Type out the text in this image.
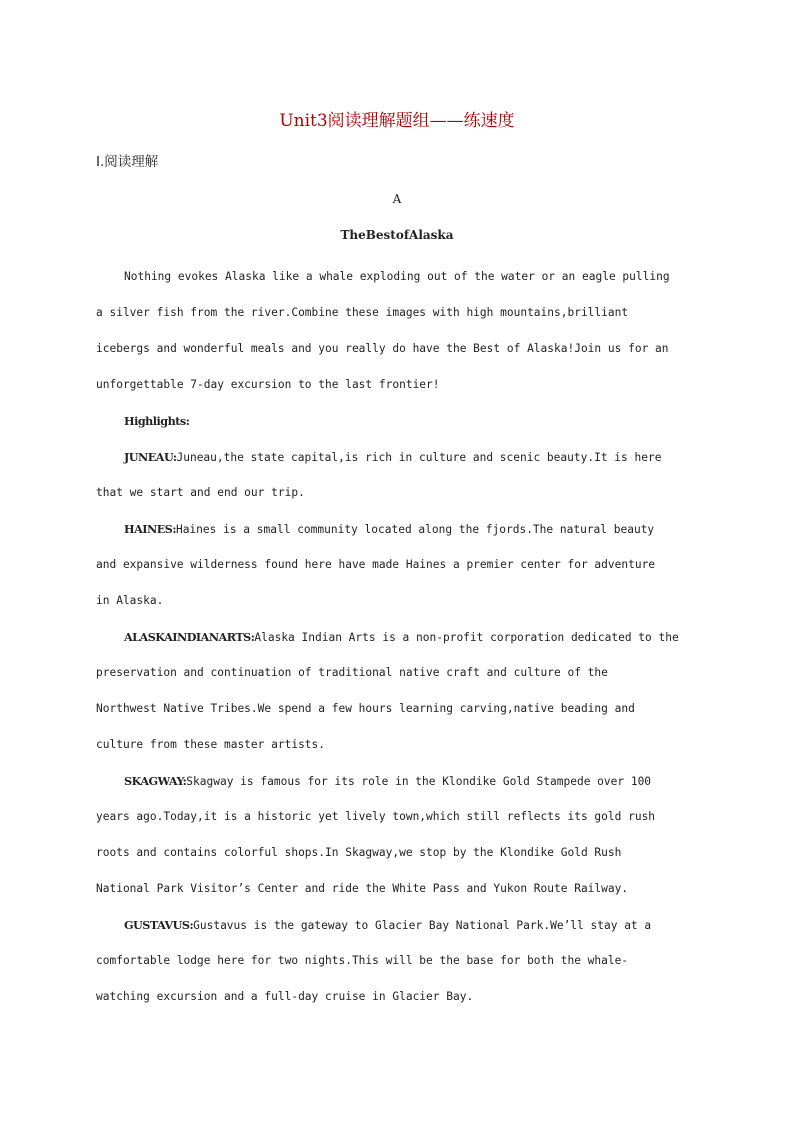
Unit3阅读理解题组——练速度
Ⅰ.阅读理解
A
TheBestofAlaska
Nothing evokes Alaska like a whale exploding out of the water or an eagle pulling
a silver fish from the river.Combine these images with high mountains,brilliant
icebergs and wonderful meals and you really do have the Best of Alaska!Join us for an
unforgettable 7-day excursion to the last frontier!
Highlights:
JUNEAU:Juneau,the state capital,is rich in culture and scenic beauty.It is here
that we start and end our trip.
HAINES:Haines is a small community located along the fjords.The natural beauty
and expansive wilderness found here have made Haines a premier center for adventure
in Alaska.
ALASKAINDIANARTS:Alaska Indian Arts is a non-profit corporation dedicated to the
preservation and continuation of traditional native craft and culture of the
Northwest Native Tribes.We spend a few hours learning carving,native beading and
culture from these master artists.
SKAGWAY:Skagway is famous for its role in the Klondike Gold Stampede over 100
years ago.Today,it is a historic yet lively town,which still reflects its gold rush
roots and contains colorful shops.In Skagway,we stop by the Klondike Gold Rush
National Park Visitor’s Center and ride the White Pass and Yukon Route Railway.
GUSTAVUS:Gustavus is the gateway to Glacier Bay National Park.We’ll stay at a
comfortable lodge here for two nights.This will be the base for both the whale-
watching excursion and a full-day cruise in Glacier Bay.
